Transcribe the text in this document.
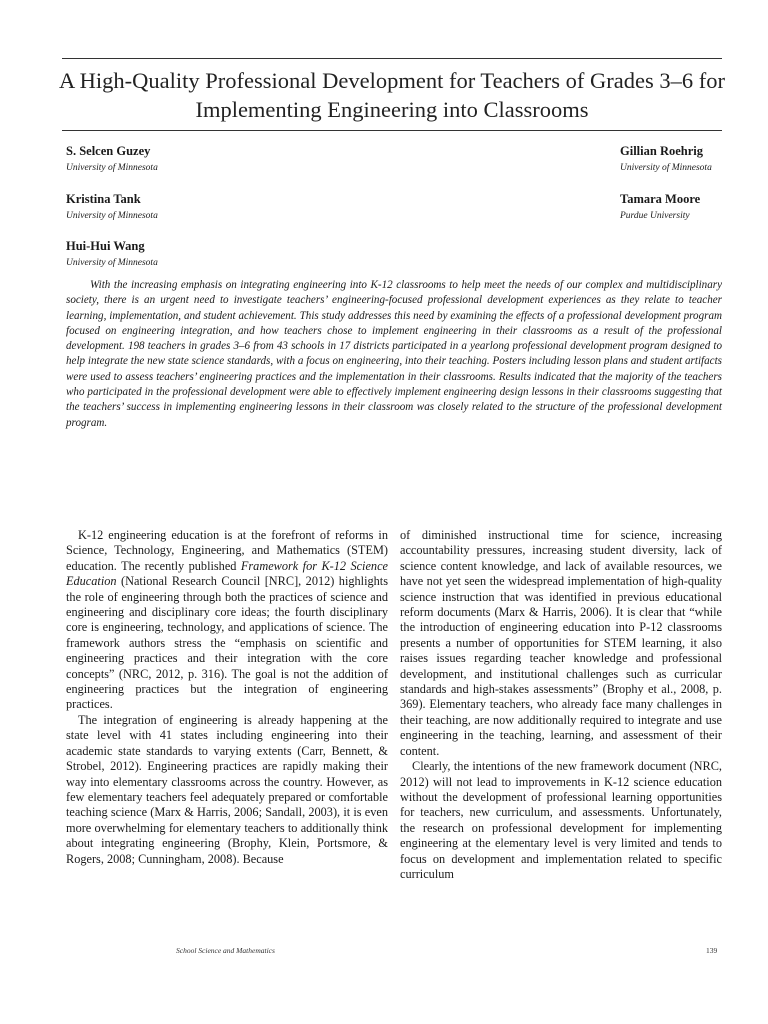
A High-Quality Professional Development for Teachers of Grades 3–6 for Implementing Engineering into Classrooms
S. Selcen Guzey
University of Minnesota
Gillian Roehrig
University of Minnesota
Kristina Tank
University of Minnesota
Tamara Moore
Purdue University
Hui-Hui Wang
University of Minnesota

With the increasing emphasis on integrating engineering into K-12 classrooms to help meet the needs of our complex and multidisciplinary society, there is an urgent need to investigate teachers’ engineering-focused professional development experiences as they relate to teacher learning, implementation, and student achievement. This study addresses this need by examining the effects of a professional development program focused on engineering integration, and how teachers chose to implement engineering in their classrooms as a result of the professional development. 198 teachers in grades 3–6 from 43 schools in 17 districts participated in a yearlong professional development program designed to help integrate the new state science standards, with a focus on engineering, into their teaching. Posters including lesson plans and student artifacts were used to assess teachers’ engineering practices and the implementation in their classrooms. Results indicated that the majority of the teachers who participated in the professional development were able to effectively implement engineering design lessons in their classrooms suggesting that the teachers’ success in implementing engineering lessons in their classroom was closely related to the structure of the professional development program.

K-12 engineering education is at the forefront of reforms in Science, Technology, Engineering, and Mathematics (STEM) education. The recently published Framework for K-12 Science Education (National Research Council [NRC], 2012) highlights the role of engineering through both the practices of science and engineering and disciplinary core ideas; the fourth disciplinary core is engineering, technology, and applications of science. The framework authors stress the “emphasis on scientific and engineering practices and their integration with the core concepts” (NRC, 2012, p. 316). The goal is not the addition of engineering practices but the integration of engineering practices.

The integration of engineering is already happening at the state level with 41 states including engineering into their academic state standards to varying extents (Carr, Bennett, & Strobel, 2012). Engineering practices are rapidly making their way into elementary classrooms across the country. However, as few elementary teachers feel adequately prepared or comfortable teaching science (Marx & Harris, 2006; Sandall, 2003), it is even more overwhelming for elementary teachers to additionally think about integrating engineering (Brophy, Klein, Portsmore, & Rogers, 2008; Cunningham, 2008). Because

of diminished instructional time for science, increasing accountability pressures, increasing student diversity, lack of science content knowledge, and lack of available resources, we have not yet seen the widespread implementation of high-quality science instruction that was identified in previous educational reform documents (Marx & Harris, 2006). It is clear that “while the introduction of engineering education into P-12 classrooms presents a number of opportunities for STEM learning, it also raises issues regarding teacher knowledge and professional development, and institutional challenges such as curricular standards and high-stakes assessments” (Brophy et al., 2008, p. 369). Elementary teachers, who already face many challenges in their teaching, are now additionally required to integrate and use engineering in the teaching, learning, and assessment of their content.

Clearly, the intentions of the new framework document (NRC, 2012) will not lead to improvements in K-12 science education without the development of professional learning opportunities for teachers, new curriculum, and assessments. Unfortunately, the research on professional development for implementing engineering at the elementary level is very limited and tends to focus on development and implementation related to specific curriculum

School Science and Mathematics	139
